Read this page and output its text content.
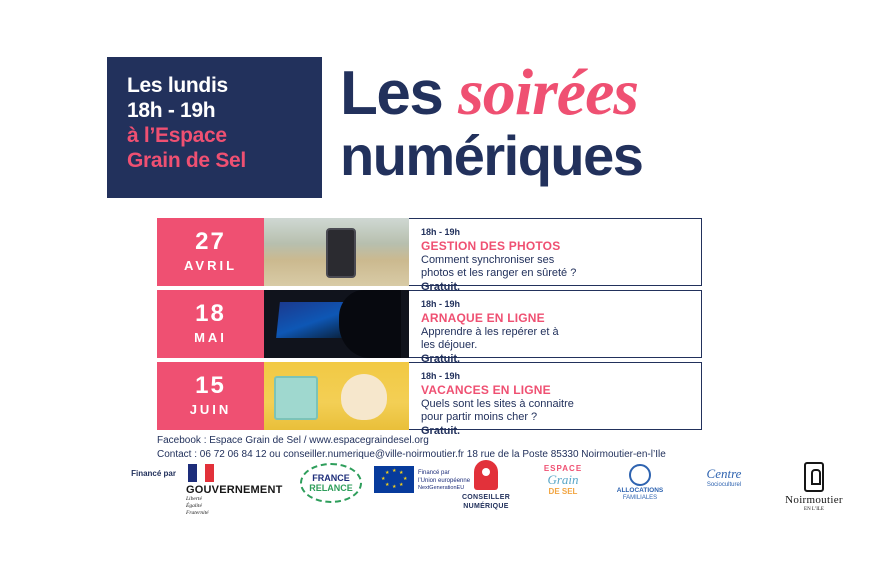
Les lundis
18h - 19h
à l’Espace
Grain de Sel
Les soirées
numériques
27
AVRIL
18h - 19h
GESTION DES PHOTOS
Comment synchroniser ses
photos et les ranger en sûreté ?
Gratuit.
18
MAI
18h - 19h
ARNAQUE EN LIGNE
Apprendre à les repérer et à
les déjouer.
Gratuit.
15
JUIN
18h - 19h
VACANCES EN LIGNE
Quels sont les sites à connaitre
pour partir moins cher ?
Gratuit.
Facebook : Espace Grain de Sel / www.espacegraindesel.org
Contact : 06 72 06 84 12 ou conseiller.numerique@ville-noirmoutier.fr 18 rue de la Poste 85330 Noirmoutier-en-l’Ile
Financé par
GOUVERNEMENT
Liberté
Égalité
Fraternité
FRANCE
RELANCE
★ ★
★
★
★
★
★
★	Financé par
l’Union européenne
NextGenerationEU
CONSEILLER
NUMÉRIQUE
ESPACE
Grain
DE SEL	ALLOCATIONS
FAMILIALES
Centre
Socioculturel
Noirmoutier
EN L’ILE
